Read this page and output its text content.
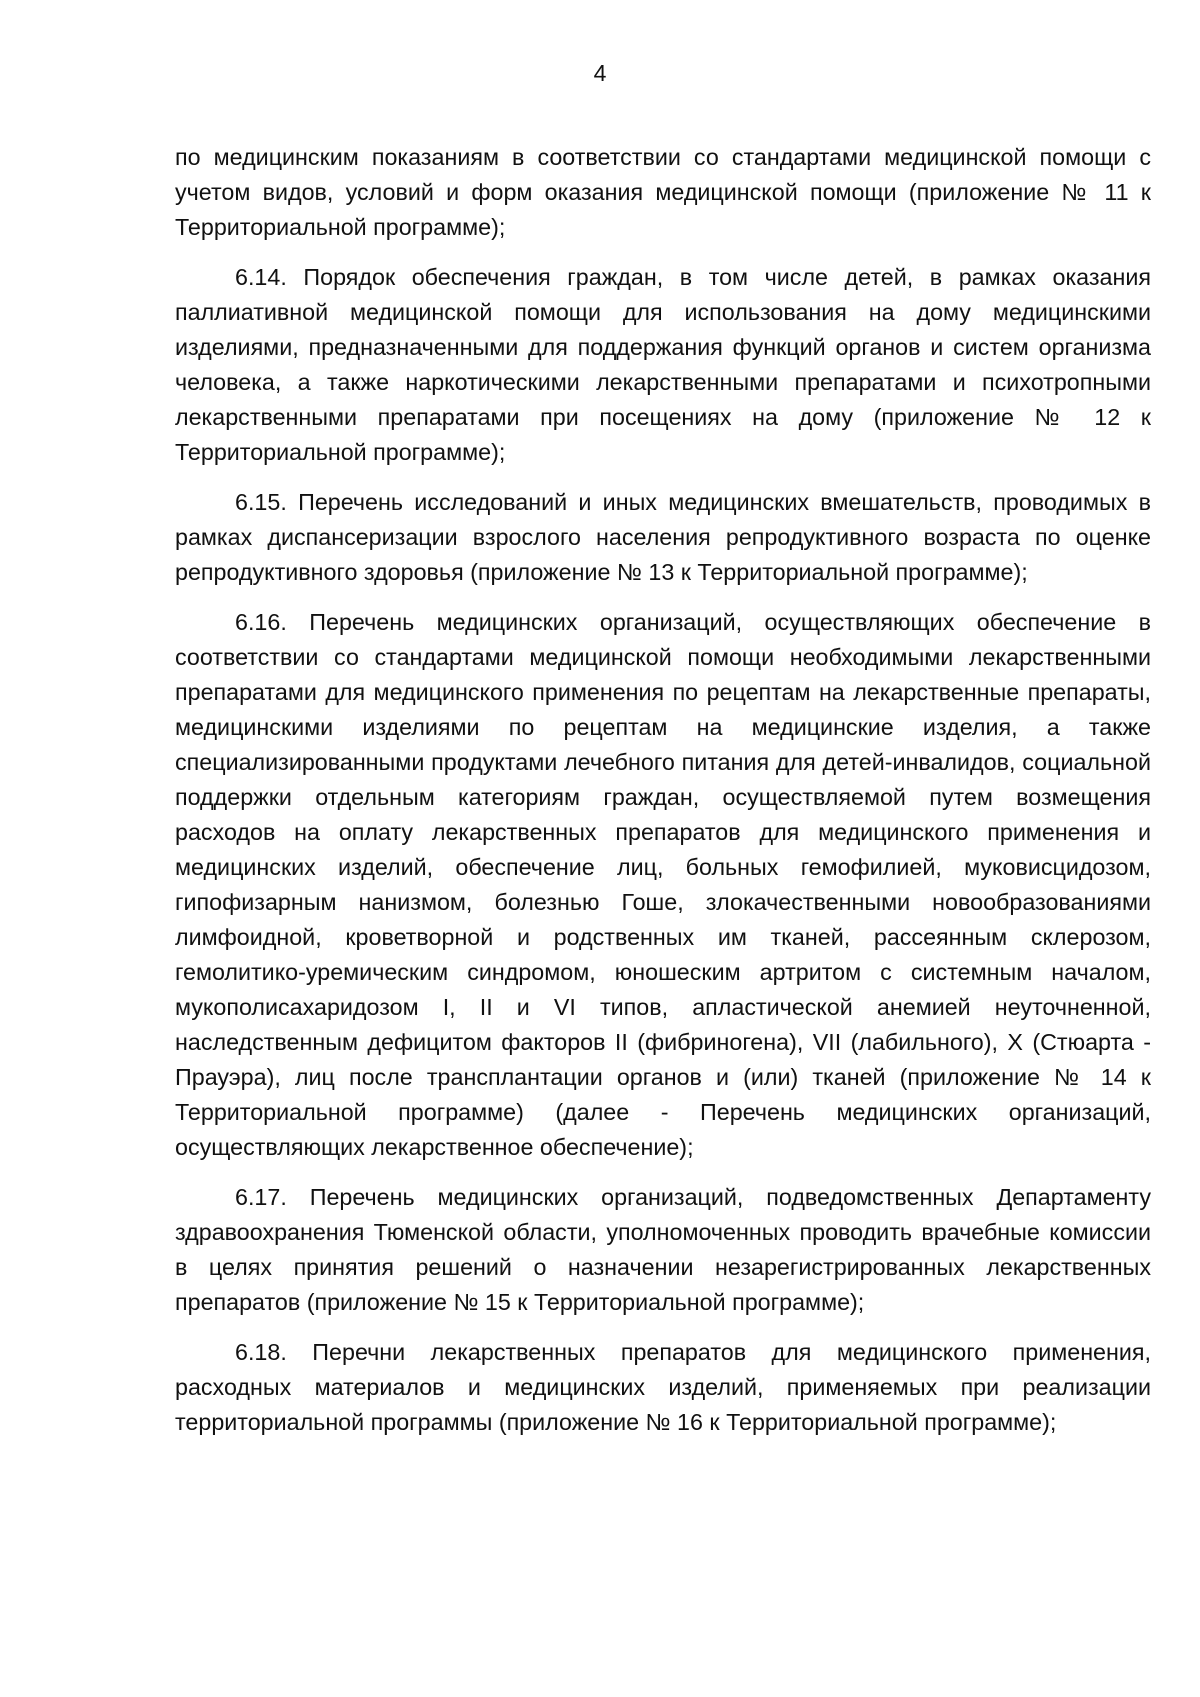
4

по медицинским показаниям в соответствии со стандартами медицинской помощи с учетом видов, условий и форм оказания медицинской помощи (приложение № 11 к Территориальной программе);

6.14. Порядок обеспечения граждан, в том числе детей, в рамках оказания паллиативной медицинской помощи для использования на дому медицинскими изделиями, предназначенными для поддержания функций органов и систем организма человека, а также наркотическими лекарственными препаратами и психотропными лекарственными препаратами при посещениях на дому (приложение № 12 к Территориальной программе);

6.15. Перечень исследований и иных медицинских вмешательств, проводимых в рамках диспансеризации взрослого населения репродуктивного возраста по оценке репродуктивного здоровья (приложение № 13 к Территориальной программе);

6.16. Перечень медицинских организаций, осуществляющих обеспечение в соответствии со стандартами медицинской помощи необходимыми лекарственными препаратами для медицинского применения по рецептам на лекарственные препараты, медицинскими изделиями по рецептам на медицинские изделия, а также специализированными продуктами лечебного питания для детей-инвалидов, социальной поддержки отдельным категориям граждан, осуществляемой путем возмещения расходов на оплату лекарственных препаратов для медицинского применения и медицинских изделий, обеспечение лиц, больных гемофилией, муковисцидозом, гипофизарным нанизмом, болезнью Гоше, злокачественными новообразованиями лимфоидной, кроветворной и родственных им тканей, рассеянным склерозом, гемолитико-уремическим синдромом, юношеским артритом с системным началом, мукополисахаридозом I, II и VI типов, апластической анемией неуточненной, наследственным дефицитом факторов II (фибриногена), VII (лабильного), X (Стюарта - Прауэра), лиц после трансплантации органов и (или) тканей (приложение № 14 к Территориальной программе) (далее - Перечень медицинских организаций, осуществляющих лекарственное обеспечение);

6.17. Перечень медицинских организаций, подведомственных Департаменту здравоохранения Тюменской области, уполномоченных проводить врачебные комиссии в целях принятия решений о назначении незарегистрированных лекарственных препаратов (приложение № 15 к Территориальной программе);

6.18. Перечни лекарственных препаратов для медицинского применения, расходных материалов и медицинских изделий, применяемых при реализации территориальной программы (приложение № 16 к Территориальной программе);
